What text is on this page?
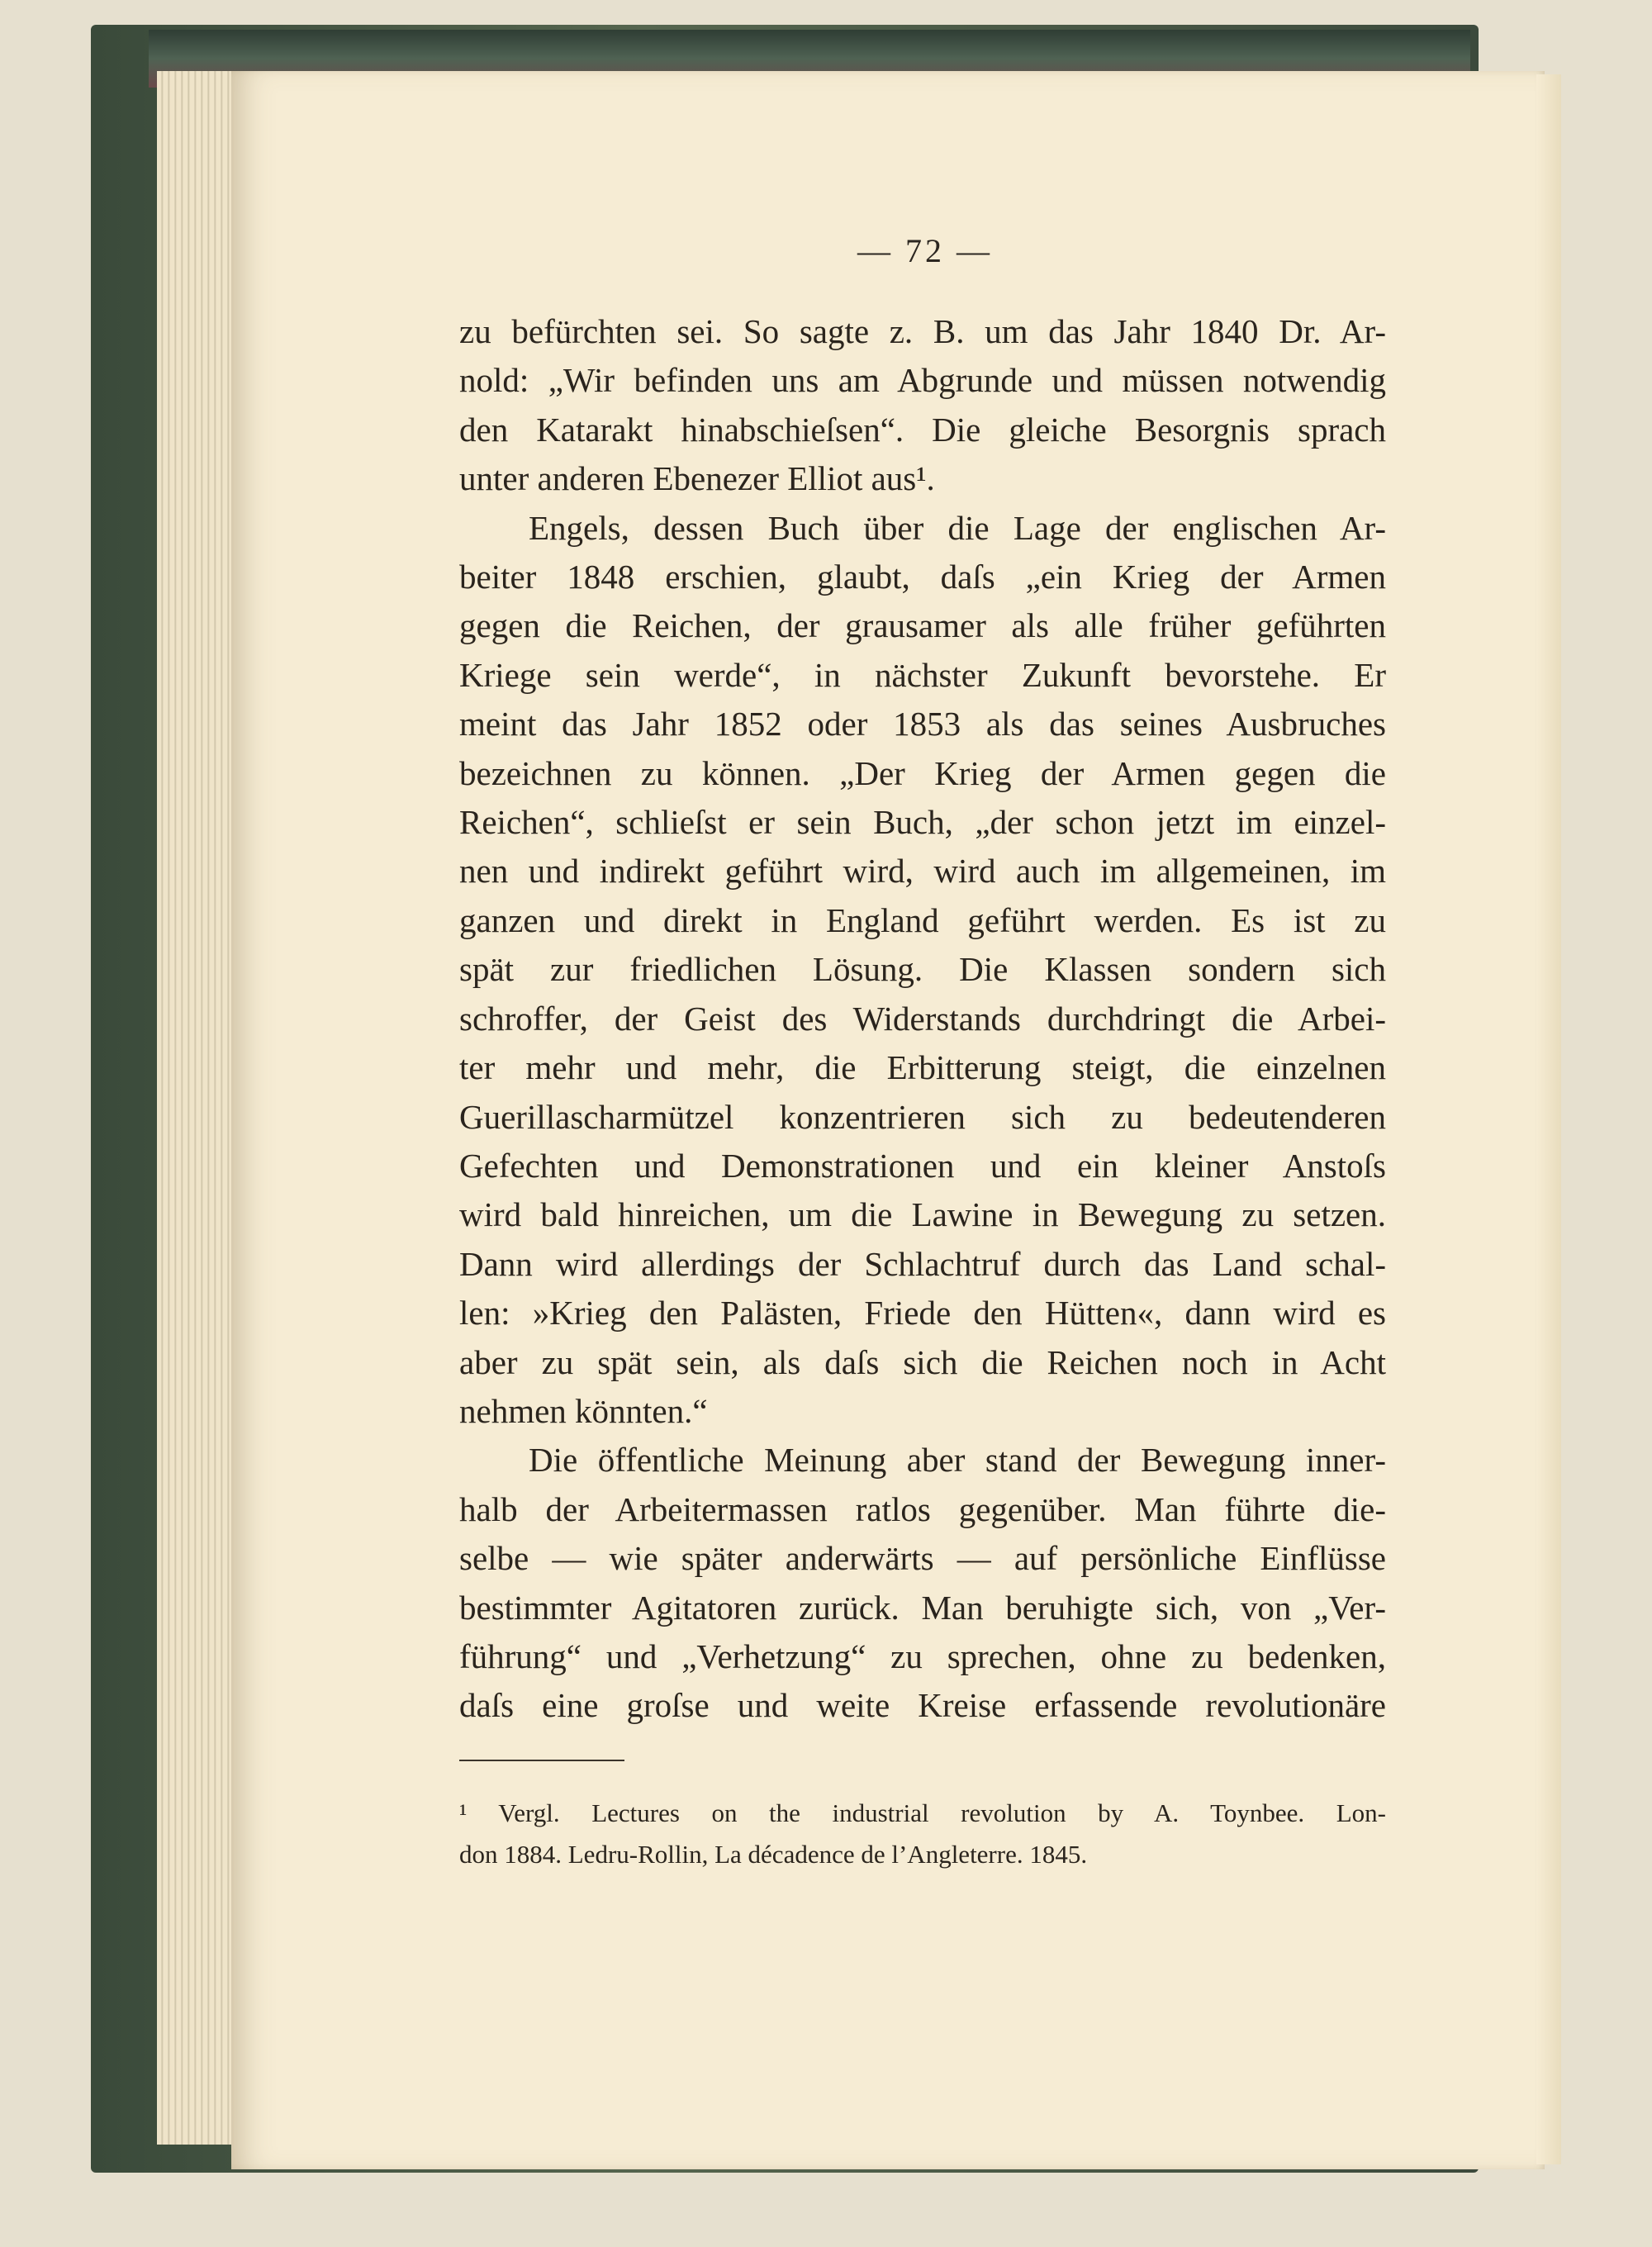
— 72 —
zu befürchten sei. So sagte z. B. um das Jahr 1840 Dr. Ar-
nold: „Wir befinden uns am Abgrunde und müssen notwendig
den Katarakt hinabschieſsen“. Die gleiche Besorgnis sprach
unter anderen Ebenezer Elliot aus¹.
Engels, dessen Buch über die Lage der englischen Ar-
beiter 1848 erschien, glaubt, daſs „ein Krieg der Armen
gegen die Reichen, der grausamer als alle früher geführten
Kriege sein werde“, in nächster Zukunft bevorstehe. Er
meint das Jahr 1852 oder 1853 als das seines Ausbruches
bezeichnen zu können. „Der Krieg der Armen gegen die
Reichen“, schlieſst er sein Buch, „der schon jetzt im einzel-
nen und indirekt geführt wird, wird auch im allgemeinen, im
ganzen und direkt in England geführt werden. Es ist zu
spät zur friedlichen Lösung. Die Klassen sondern sich
schroffer, der Geist des Widerstands durchdringt die Arbei-
ter mehr und mehr, die Erbitterung steigt, die einzelnen
Guerillascharmützel konzentrieren sich zu bedeutenderen
Gefechten und Demonstrationen und ein kleiner Anstoſs
wird bald hinreichen, um die Lawine in Bewegung zu setzen.
Dann wird allerdings der Schlachtruf durch das Land schal-
len: »Krieg den Palästen, Friede den Hütten«, dann wird es
aber zu spät sein, als daſs sich die Reichen noch in Acht
nehmen könnten.“
Die öffentliche Meinung aber stand der Bewegung inner-
halb der Arbeitermassen ratlos gegenüber. Man führte die-
selbe — wie später anderwärts — auf persönliche Einflüsse
bestimmter Agitatoren zurück. Man beruhigte sich, von „Ver-
führung“ und „Verhetzung“ zu sprechen, ohne zu bedenken,
daſs eine groſse und weite Kreise erfassende revolutionäre
¹ Vergl. Lectures on the industrial revolution by A. Toynbee. Lon-
don 1884. Ledru-Rollin, La décadence de l’Angleterre. 1845.
